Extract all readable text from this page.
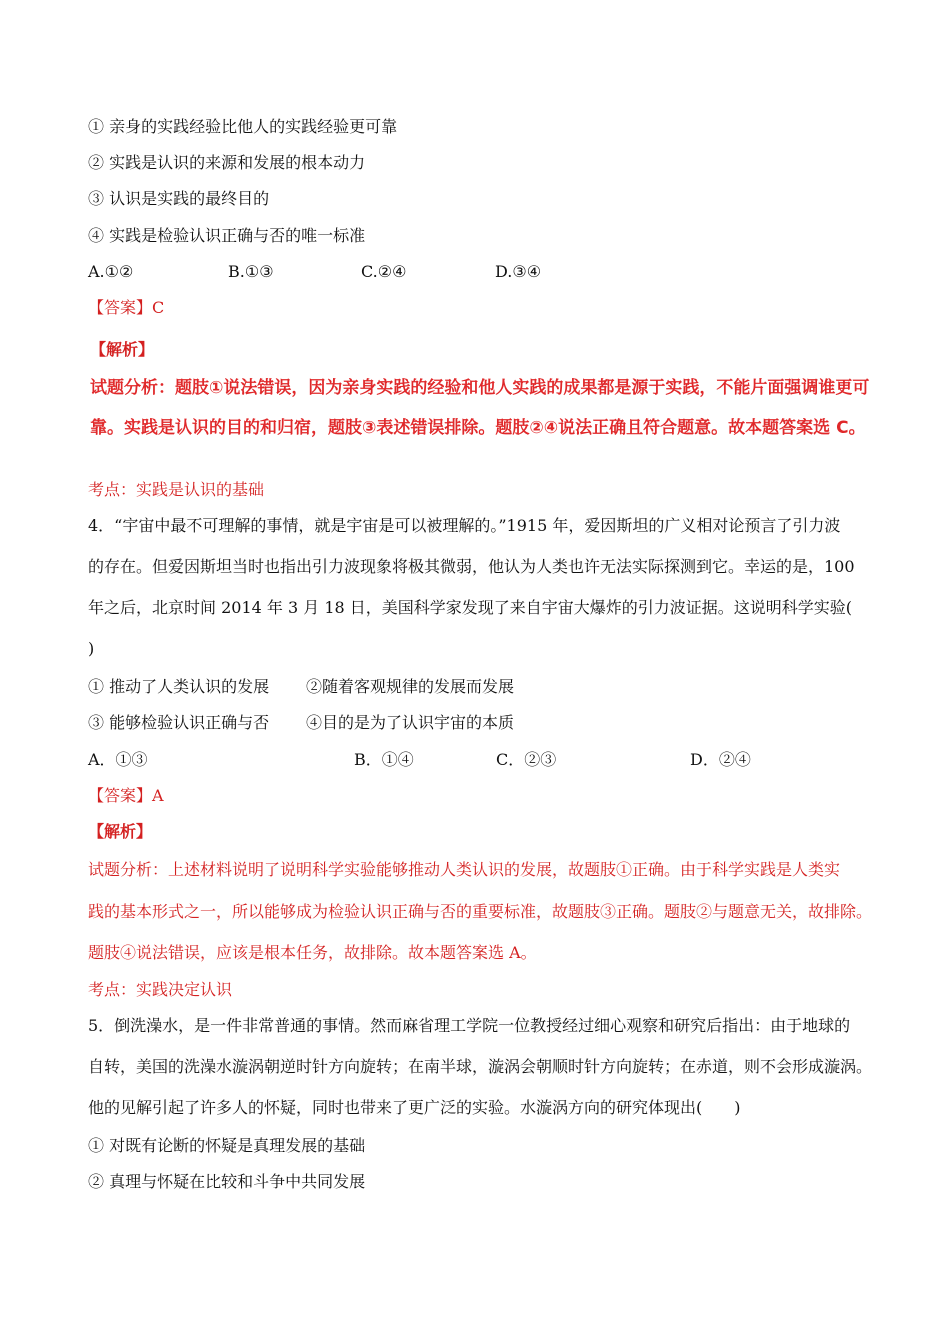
① 亲身的实践经验比他人的实践经验更可靠
② 实践是认识的来源和发展的根本动力
③ 认识是实践的最终目的
④ 实践是检验认识正确与否的唯一标准
A.①②	B.①③	C.②④	D.③④
【答案】C
【解析】
试题分析：题肢①说法错误，因为亲身实践的经验和他人实践的成果都是源于实践，不能片面强调谁更可
靠。实践是认识的目的和归宿，题肢③表述错误排除。题肢②④说法正确且符合题意。故本题答案选 C。
考点：实践是认识的基础
4．“宇宙中最不可理解的事情，就是宇宙是可以被理解的。”1915 年，爱因斯坦的广义相对论预言了引力波
的存在。但爱因斯坦当时也指出引力波现象将极其微弱，他认为人类也许无法实际探测到它。幸运的是，100
年之后，北京时间 2014 年 3 月 18 日，美国科学家发现了来自宇宙大爆炸的引力波证据。这说明科学实验(
)
① 推动了人类认识的发展 ②随着客观规律的发展而发展
③ 能够检验认识正确与否 ④目的是为了认识宇宙的本质
A．①③	B．①④	C．②③	D．②④
【答案】A
【解析】
试题分析：上述材料说明了说明科学实验能够推动人类认识的发展，故题肢①正确。由于科学实践是人类实
践的基本形式之一，所以能够成为检验认识正确与否的重要标准，故题肢③正确。题肢②与题意无关，故排除。
题肢④说法错误，应该是根本任务，故排除。故本题答案选 A。
考点：实践决定认识
5．倒洗澡水，是一件非常普通的事情。然而麻省理工学院一位教授经过细心观察和研究后指出：由于地球的
自转，美国的洗澡水漩涡朝逆时针方向旋转；在南半球，漩涡会朝顺时针方向旋转；在赤道，则不会形成漩涡。
他的见解引起了许多人的怀疑，同时也带来了更广泛的实验。水漩涡方向的研究体现出(　　)
① 对既有论断的怀疑是真理发展的基础
② 真理与怀疑在比较和斗争中共同发展
